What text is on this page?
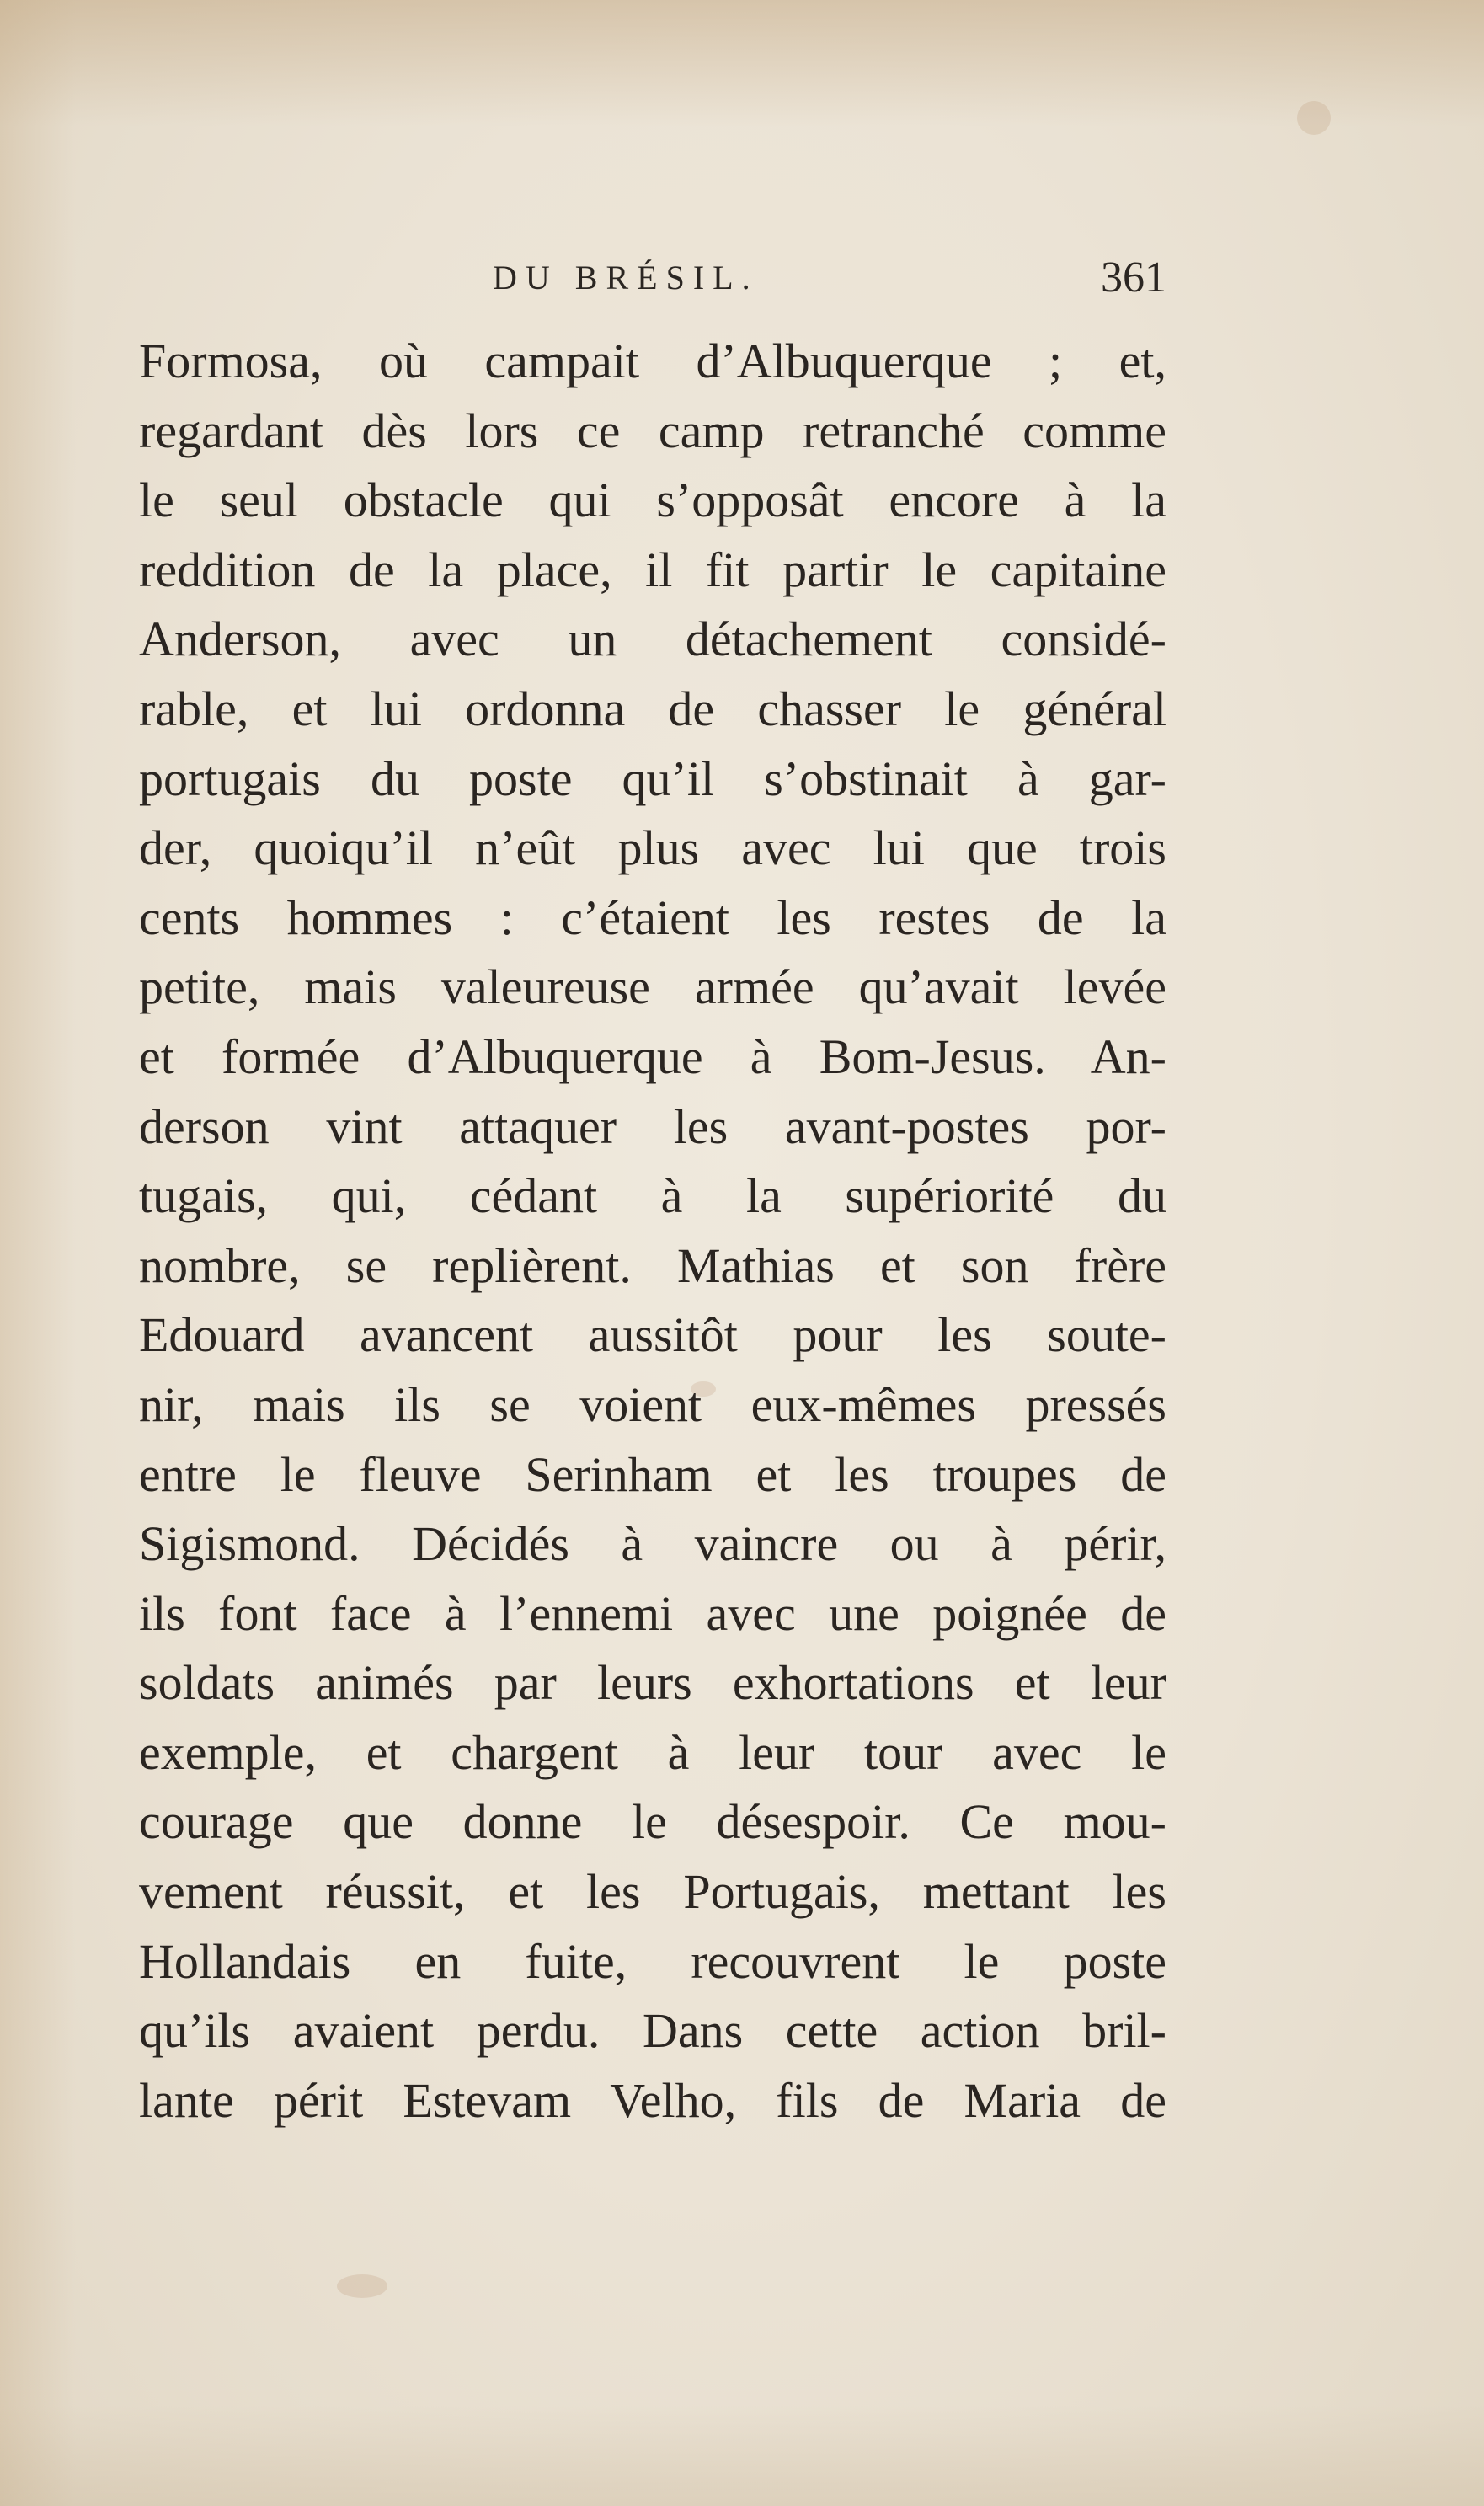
DU BRÉSIL.	361
Formosa, où campait d’Albuquerque ; et,
regardant dès lors ce camp retranché comme
le seul obstacle qui s’opposât encore à la
reddition de la place, il fit partir le capitaine
Anderson, avec un détachement considé-
rable, et lui ordonna de chasser le général
portugais du poste qu’il s’obstinait à gar-
der, quoiqu’il n’eût plus avec lui que trois
cents hommes : c’étaient les restes de la
petite, mais valeureuse armée qu’avait levée
et formée d’Albuquerque à Bom-Jesus. An-
derson vint attaquer les avant-postes por-
tugais, qui, cédant à la supériorité du
nombre, se replièrent. Mathias et son frère
Edouard avancent aussitôt pour les soute-
nir, mais ils se voient eux-mêmes pressés
entre le fleuve Serinham et les troupes de
Sigismond. Décidés à vaincre ou à périr,
ils font face à l’ennemi avec une poignée de
soldats animés par leurs exhortations et leur
exemple, et chargent à leur tour avec le
courage que donne le désespoir. Ce mou-
vement réussit, et les Portugais, mettant les
Hollandais en fuite, recouvrent le poste
qu’ils avaient perdu. Dans cette action bril-
lante périt Estevam Velho, fils de Maria de
